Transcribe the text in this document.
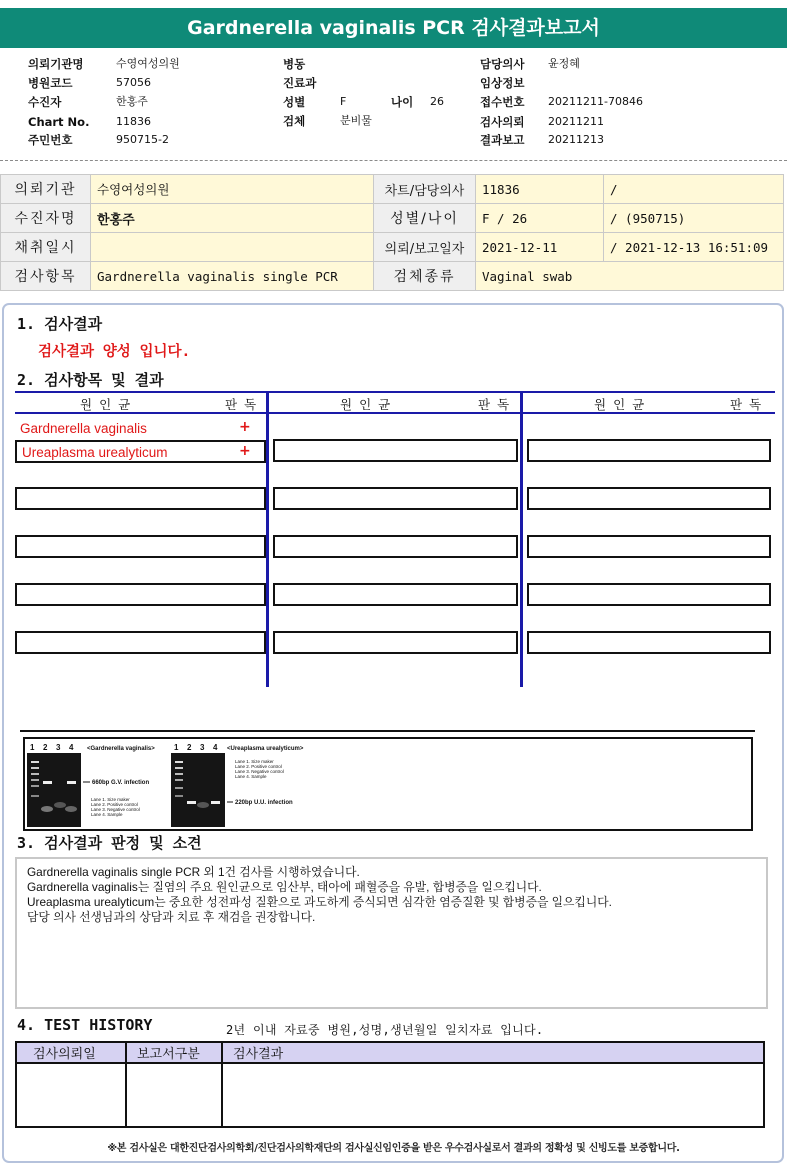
Gardnerella vaginalis PCR 검사결과보고서
의뢰기관명	수영여성의원
병원코드	57056
수진자	한홍주
Chart No. 11836
주민번호	950715-2
병동
진료과
성별	F	나이 26
검체	분비물
담당의사 윤정혜
임상정보
접수번호 20211211-70846
검사의뢰 20211211
결과보고 20211213
의뢰기관	수영여성의원	차트/담당의사	11836	/
수진자명	한홍주	성별/나이	F / 26	/ (950715)
채취일시		의뢰/보고일자	2021-12-11	/ 2021-12-13 16:51:09
검사항목	Gardnerella vaginalis single PCR	검체종류	Vaginal swab	
1. 검사결과
검사결과 양성 입니다.
2. 검사항목 및 결과
원인균	판독	원인균	판독	원인균	판독
Gardnerella vaginalis	+
Ureaplasma urealyticum	+
1 2 3 4 <Gardnerella vaginalis>
660bp G.V. infection
Lane 1. Size maker
Lane 2. Positive control
Lane 3. Negative control
Lane 4. Sample
1 2 3 4 <Ureaplasma urealyticum>
Lane 1. Size maker
Lane 2. Positive control
Lane 3. Negative control
Lane 4. Sample
220bp U.U. infection
3. 검사결과 판정 및 소견
Gardnerella vaginalis single PCR 외 1건 검사를 시행하였습니다.
Gardnerella vaginalis는 질염의 주요 원인균으로 임산부, 태아에 패혈증을 유발, 합병증을 일으킵니다.
Ureaplasma urealyticum는 중요한 성전파성 질환으로 과도하게 증식되면 심각한 염증질환 및 합병증을 일으킵니다.
담당 의사 선생님과의 상담과 치료 후 재검을 권장합니다.
4. TEST HISTORY	2년 이내 자료중 병원,성명,생년월일 일치자료 입니다.
검사의뢰일	보고서구분	검사결과

※본 검사실은 대한진단검사의학회/진단검사의학재단의 검사실신임인증을 받은 우수검사실로서 결과의 정확성 및 신빙도를 보증합니다.
